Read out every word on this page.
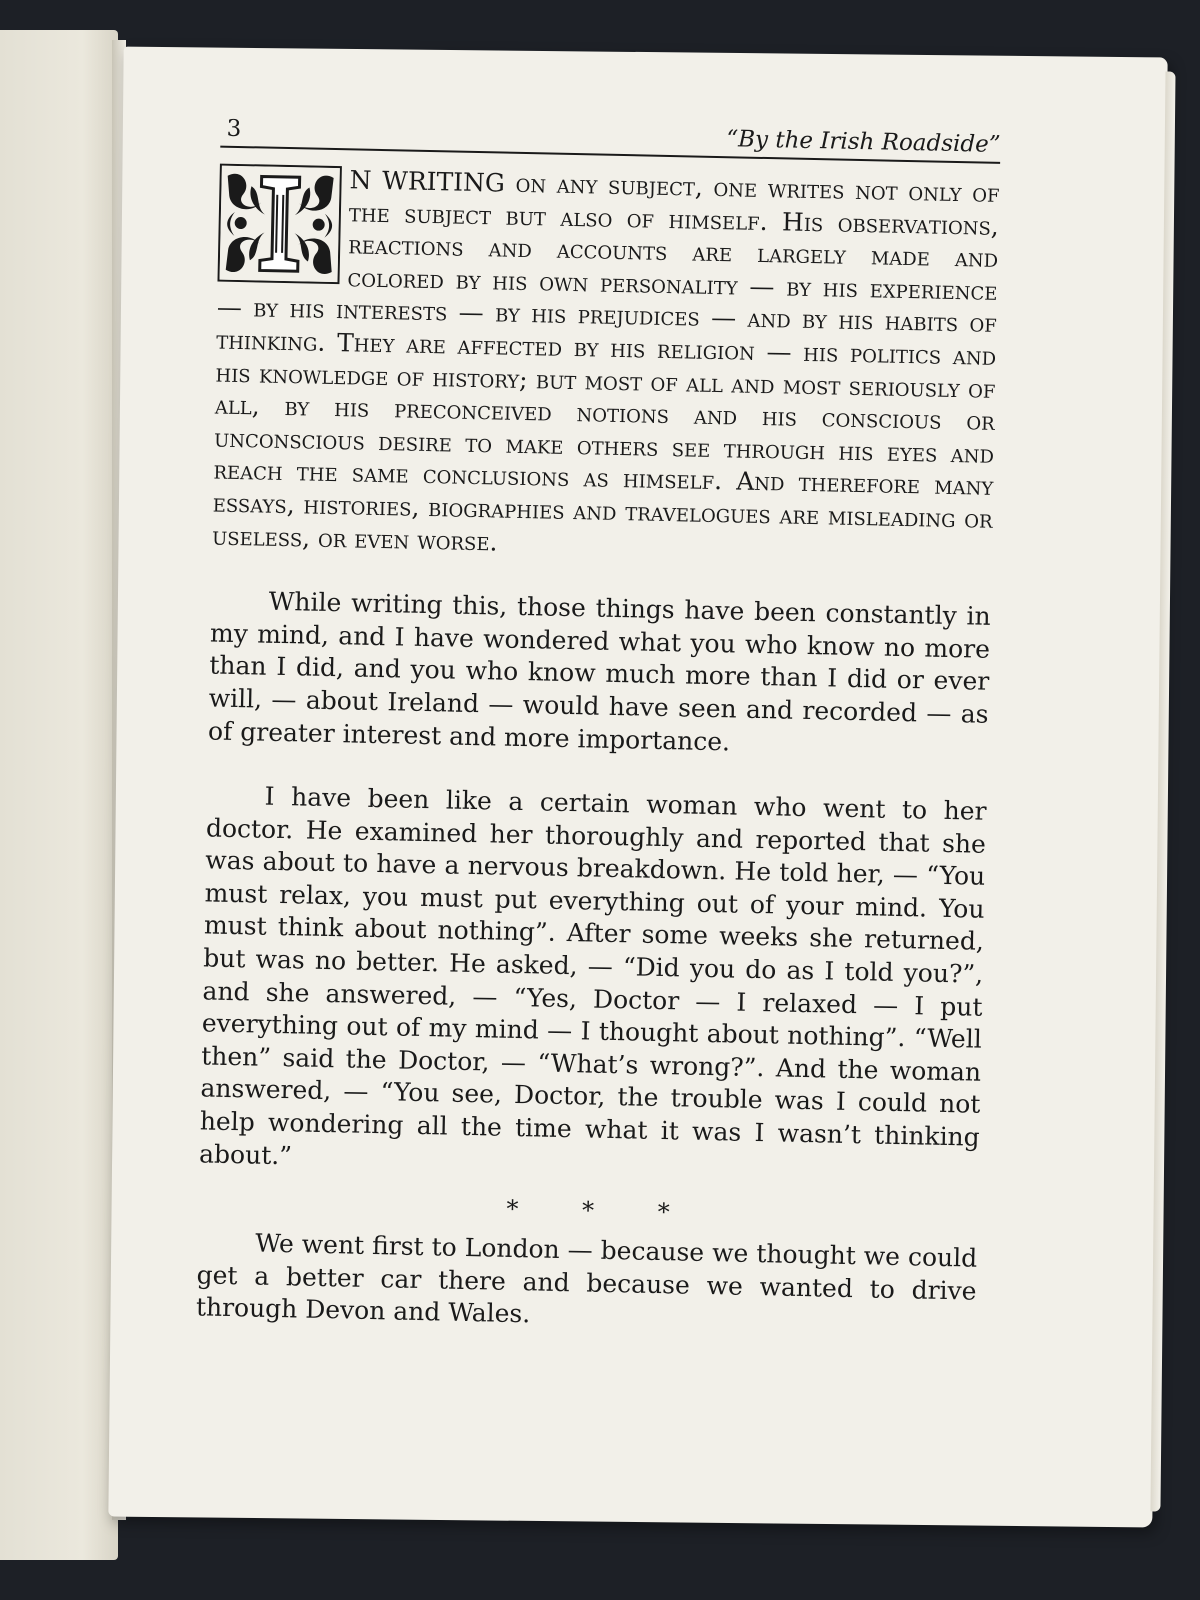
3	“By the Irish Roadside”

N WRITING on any subject, one writes not only of the subject but also of himself. His observations, reactions and accounts are largely made and colored by his own personality — by his experience — by his interests — by his prejudices — and by his habits of thinking. They are affected by his religion — his politics and his knowledge of history; but most of all and most seriously of all, by his preconceived notions and his conscious or unconscious desire to make others see through his eyes and reach the same conclusions as himself. And therefore many essays, histories, biographies and travelogues are misleading or useless, or even worse.

While writing this, those things have been constantly in my mind, and I have wondered what you who know no more than I did, and you who know much more than I did or ever will, — about Ireland — would have seen and recorded — as of greater interest and more importance.

I have been like a certain woman who went to her doctor. He examined her thoroughly and reported that she was about to have a nervous breakdown. He told her, — “You must relax, you must put everything out of your mind. You must think about nothing”. After some weeks she returned, but was no better. He asked, — “Did you do as I told you?”, and she answered, — “Yes, Doctor — I relaxed — I put everything out of my mind — I thought about nothing”. “Well then” said the Doctor, — “What’s wrong?”. And the woman answered, — “You see, Doctor, the trouble was I could not help wondering all the time what it was I wasn’t thinking about.”

* * *

We went first to London — because we thought we could get a better car there and because we wanted to drive through Devon and Wales.
